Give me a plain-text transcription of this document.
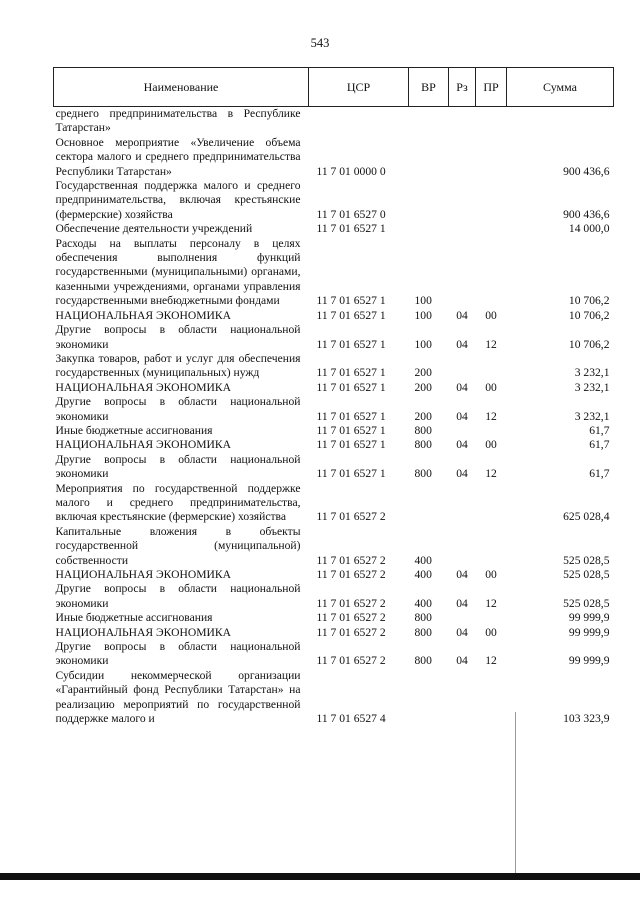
543
Наименование	ЦСР	ВР	Рз	ПР	Сумма
среднего предпринимательства в Республике Татарстан»					
Основное мероприятие «Увеличение объема сектора малого и среднего предпринимательства Республики Татарстан»	11 7 01 0000 0				900 436,6
Государственная поддержка малого и среднего предпринимательства, включая крестьянские (фермерские) хозяйства	11 7 01 6527 0				900 436,6
Обеспечение деятельности учреждений	11 7 01 6527 1				14 000,0
Расходы на выплаты персоналу в целях обеспечения выполнения функций государственными (муниципальными) органами, казенными учреждениями, органами управления государственными внебюджетными фондами	11 7 01 6527 1	100			10 706,2
НАЦИОНАЛЬНАЯ ЭКОНОМИКА	11 7 01 6527 1	100	04	00	10 706,2
Другие вопросы в области национальной экономики	11 7 01 6527 1	100	04	12	10 706,2
Закупка товаров, работ и услуг для обеспечения государственных (муниципальных) нужд	11 7 01 6527 1	200			3 232,1
НАЦИОНАЛЬНАЯ ЭКОНОМИКА	11 7 01 6527 1	200	04	00	3 232,1
Другие вопросы в области национальной экономики	11 7 01 6527 1	200	04	12	3 232,1
Иные бюджетные ассигнования	11 7 01 6527 1	800			61,7
НАЦИОНАЛЬНАЯ ЭКОНОМИКА	11 7 01 6527 1	800	04	00	61,7
Другие вопросы в области национальной экономики	11 7 01 6527 1	800	04	12	61,7
Мероприятия по государственной поддержке малого и среднего предпринимательства, включая крестьянские (фермерские) хозяйства	11 7 01 6527 2				625 028,4
Капитальные вложения в объекты государственной (муниципальной) собственности	11 7 01 6527 2	400			525 028,5
НАЦИОНАЛЬНАЯ ЭКОНОМИКА	11 7 01 6527 2	400	04	00	525 028,5
Другие вопросы в области национальной экономики	11 7 01 6527 2	400	04	12	525 028,5
Иные бюджетные ассигнования	11 7 01 6527 2	800			99 999,9
НАЦИОНАЛЬНАЯ ЭКОНОМИКА	11 7 01 6527 2	800	04	00	99 999,9
Другие вопросы в области национальной экономики	11 7 01 6527 2	800	04	12	99 999,9
Субсидии некоммерческой организации «Гарантийный фонд Республики Татарстан» на реализацию мероприятий по государственной поддержке малого и	11 7 01 6527 4				103 323,9
